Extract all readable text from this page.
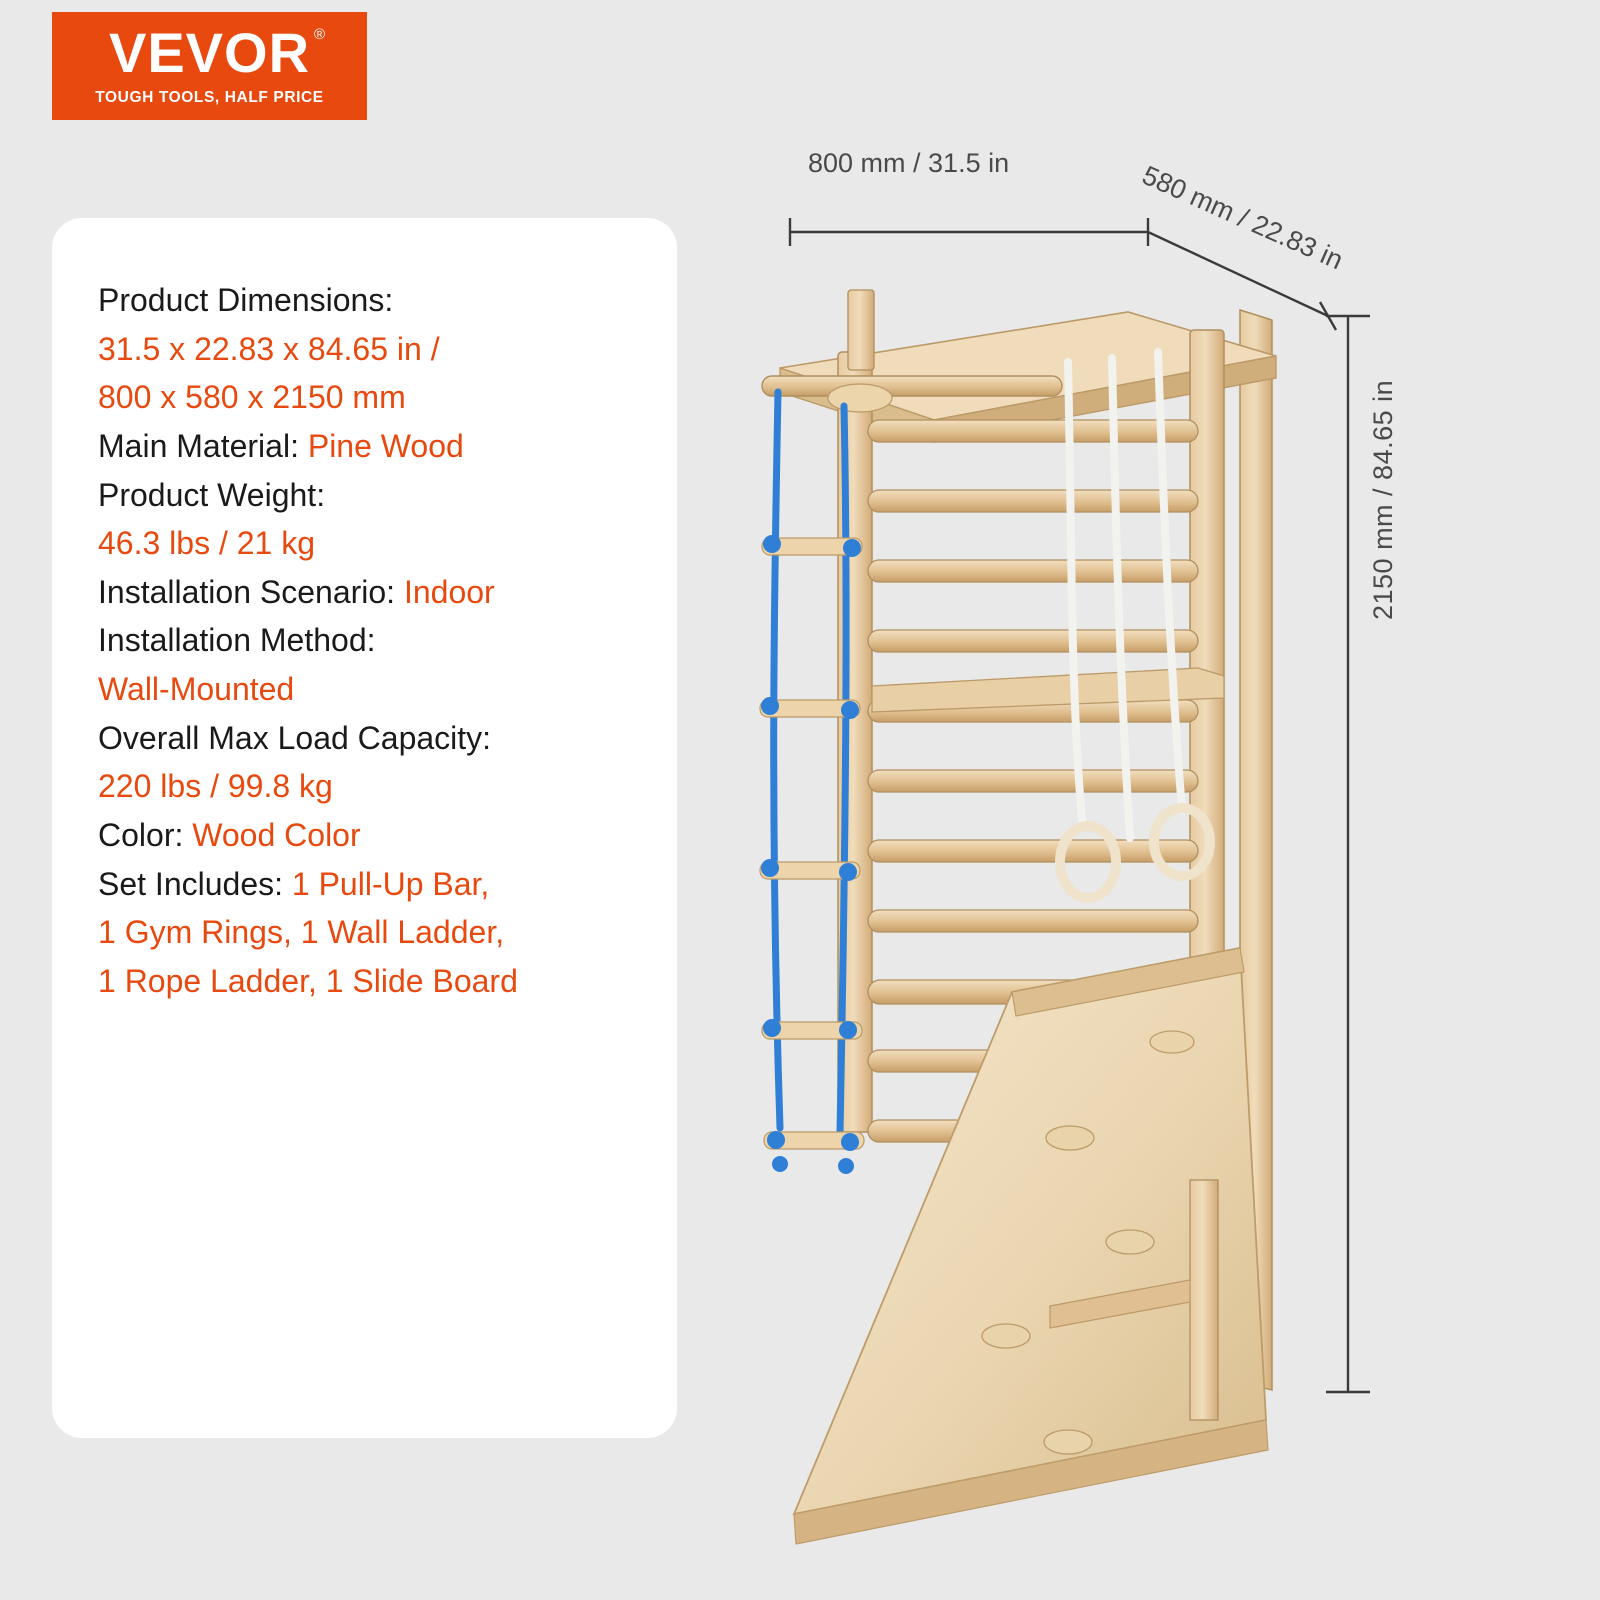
VEVOR ®
TOUGH TOOLS, HALF PRICE
Product Dimensions:
31.5 x 22.83 x 84.65 in /
800 x 580 x 2150 mm
Main Material: Pine Wood
Product Weight:
46.3 lbs / 21 kg
Installation Scenario: Indoor
Installation Method:
Wall-Mounted
Overall Max Load Capacity:
220 lbs / 99.8 kg
Color: Wood Color
Set Includes: 1 Pull-Up Bar,
1 Gym Rings, 1 Wall Ladder,
1 Rope Ladder, 1 Slide Board
800 mm / 31.5 in	580 mm / 22.83 in
2150 mm / 84.65 in
